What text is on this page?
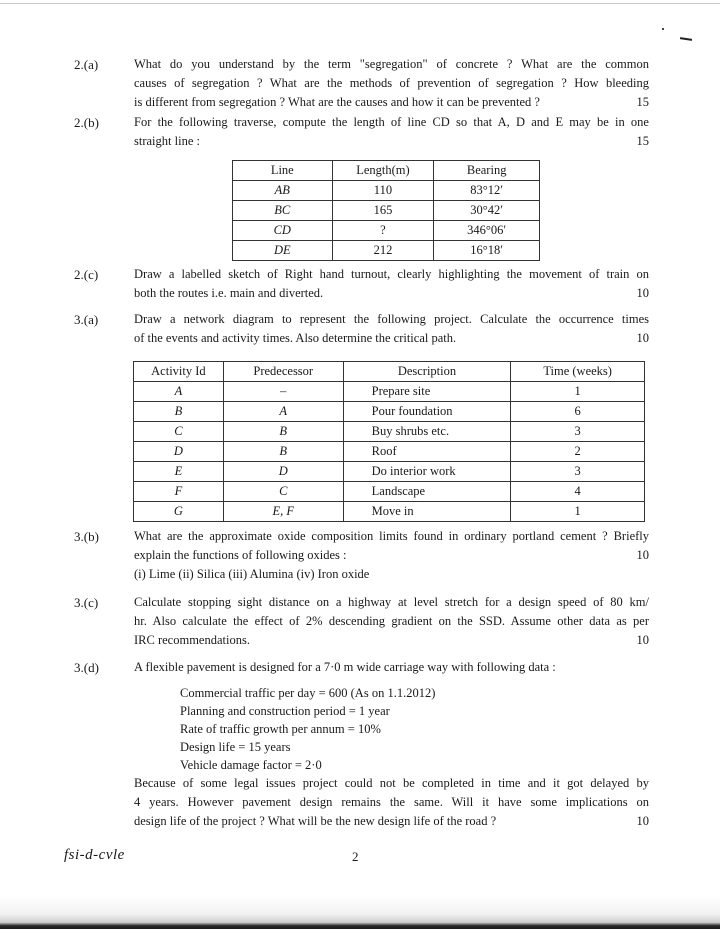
2.(a)	What do you understand by the term "segregation" of concrete ? What are the common
causes of segregation ? What are the methods of prevention of segregation ? How bleeding
is different from segregation ? What are the causes and how it can be prevented ?	15
2.(b)	For the following traverse, compute the length of line CD so that A, D and E may be in one
straight line :	15
Line	Length(m)	Bearing
AB	110	83°12′
BC	165	30°42′
CD	?	346°06′
DE	212	16°18′
2.(c)	Draw a labelled sketch of Right hand turnout, clearly highlighting the movement of train on
both the routes i.e. main and diverted.	10
3.(a)	Draw a network diagram to represent the following project. Calculate the occurrence times
of the events and activity times. Also determine the critical path.	10
Activity Id	Predecessor	Description	Time (weeks)
A	–	Prepare site	1
B	A	Pour foundation	6
C	B	Buy shrubs etc.	3
D	B	Roof	2
E	D	Do interior work	3
F	C	Landscape	4
G	E, F	Move in	1
3.(b)	What are the approximate oxide composition limits found in ordinary portland cement ? Briefly
explain the functions of following oxides :	10
(i) Lime (ii) Silica (iii) Alumina (iv) Iron oxide
3.(c)	Calculate stopping sight distance on a highway at level stretch for a design speed of 80 km/
hr. Also calculate the effect of 2% descending gradient on the SSD. Assume other data as per
IRC recommendations.	10
3.(d)	A flexible pavement is designed for a 7·0 m wide carriage way with following data :
Commercial traffic per day = 600 (As on 1.1.2012)
Planning and construction period = 1 year
Rate of traffic growth per annum = 10%
Design life = 15 years
Vehicle damage factor = 2·0
Because of some legal issues project could not be completed in time and it got delayed by
4 years. However pavement design remains the same. Will it have some implications on
design life of the project ? What will be the new design life of the road ?	10
fsi-d-cvle	2
